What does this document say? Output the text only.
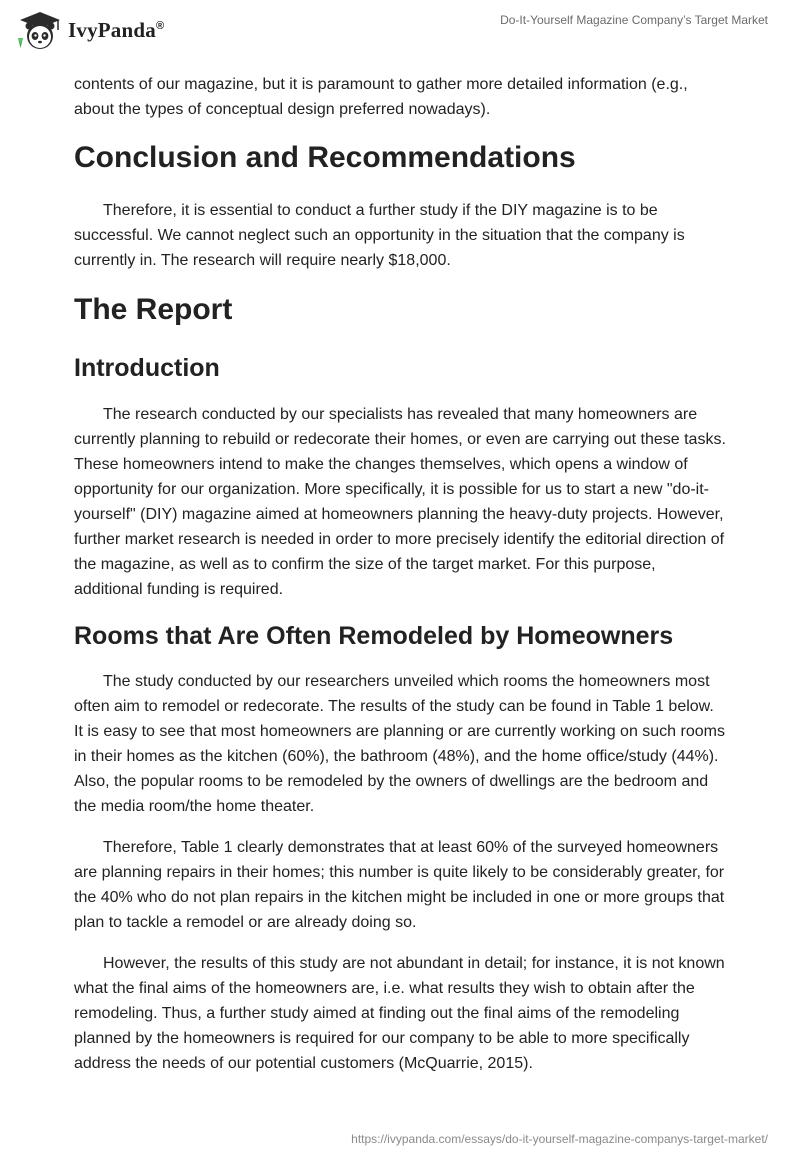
IvyPanda®	Do-It-Yourself Magazine Company’s Target Market

contents of our magazine, but it is paramount to gather more detailed information (e.g., about the types of conceptual design preferred nowadays).

Conclusion and Recommendations

Therefore, it is essential to conduct a further study if the DIY magazine is to be successful. We cannot neglect such an opportunity in the situation that the company is currently in. The research will require nearly $18,000.

The Report
Introduction

The research conducted by our specialists has revealed that many homeowners are currently planning to rebuild or redecorate their homes, or even are carrying out these tasks. These homeowners intend to make the changes themselves, which opens a window of opportunity for our organization. More specifically, it is possible for us to start a new "do-it-yourself" (DIY) magazine aimed at homeowners planning the heavy-duty projects. However, further market research is needed in order to more precisely identify the editorial direction of the magazine, as well as to confirm the size of the target market. For this purpose, additional funding is required.

Rooms that Are Often Remodeled by Homeowners

The study conducted by our researchers unveiled which rooms the homeowners most often aim to remodel or redecorate. The results of the study can be found in Table 1 below. It is easy to see that most homeowners are planning or are currently working on such rooms in their homes as the kitchen (60%), the bathroom (48%), and the home office/study (44%). Also, the popular rooms to be remodeled by the owners of dwellings are the bedroom and the media room/the home theater.

Therefore, Table 1 clearly demonstrates that at least 60% of the surveyed homeowners are planning repairs in their homes; this number is quite likely to be considerably greater, for the 40% who do not plan repairs in the kitchen might be included in one or more groups that plan to tackle a remodel or are already doing so.

However, the results of this study are not abundant in detail; for instance, it is not known what the final aims of the homeowners are, i.e. what results they wish to obtain after the remodeling. Thus, a further study aimed at finding out the final aims of the remodeling planned by the homeowners is required for our company to be able to more specifically address the needs of our potential customers (McQuarrie, 2015).

https://ivypanda.com/essays/do-it-yourself-magazine-companys-target-market/
